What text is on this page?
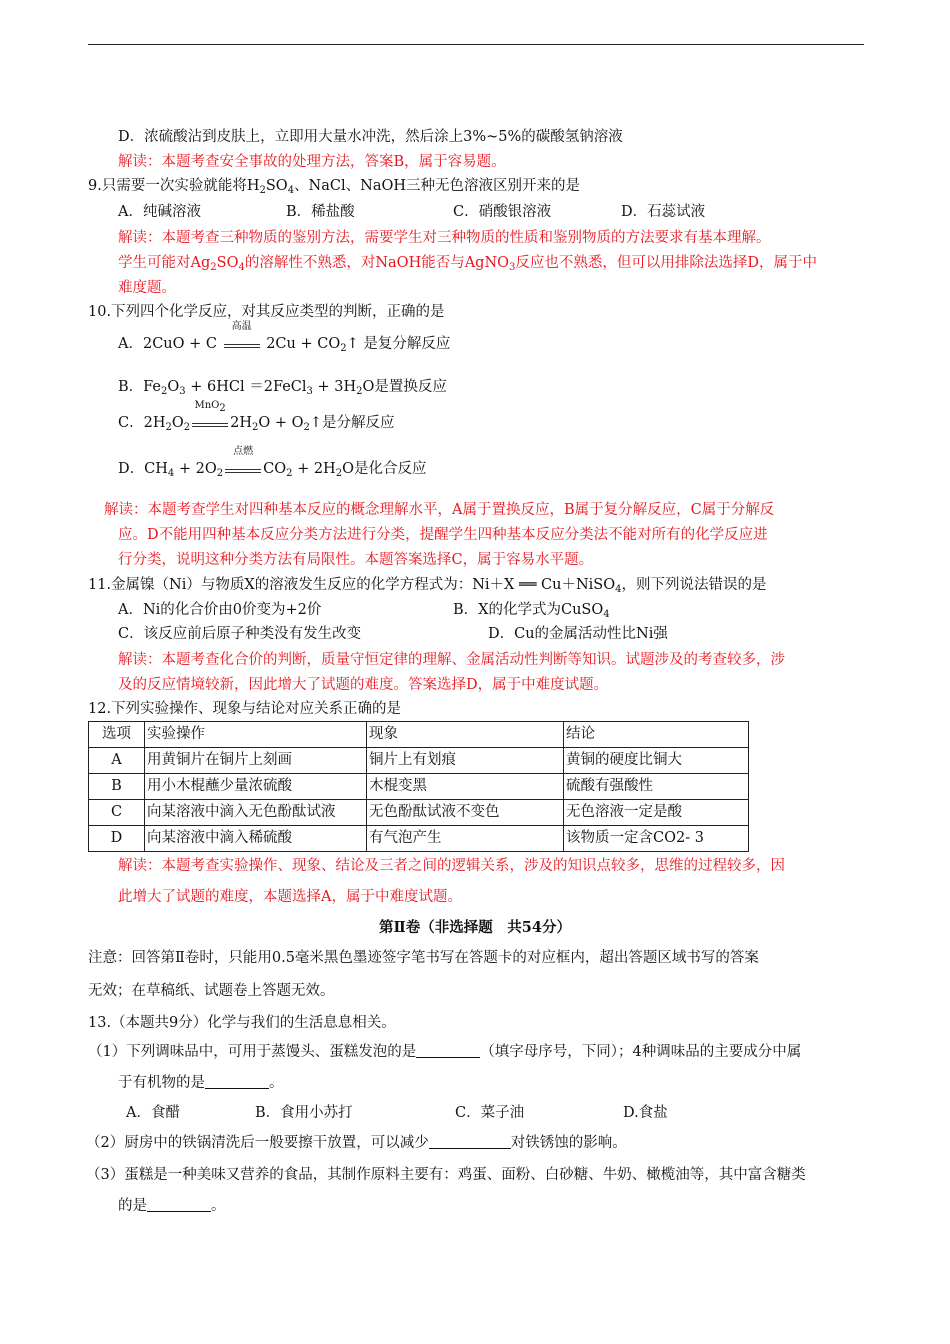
D．浓硫酸沾到皮肤上，立即用大量水冲洗，然后涂上3%~5%的碳酸氢钠溶液
解读：本题考查安全事故的处理方法，答案B，属于容易题。
9.只需要一次实验就能将$H_2SO_4$、NaCl、NaOH三种无色溶液区别开来的是
A．纯碱溶液	B．稀盐酸	C．硝酸银溶液	D．石蕊试液
解读：本题考查三种物质的鉴别方法，需要学生对三种物质的性质和鉴别物质的方法要求有基本理解。
学生可能对$Ag_2SO_4$的溶解性不熟悉，对NaOH能否与AgNO$_3$反应也不熟悉，但可以用排除法选择D，属于中
难度题。
10.下列四个化学反应，对其反应类型的判断，正确的是
A．2CuO + C
高温
$2Cu + CO_2↑$ 是复分解反应
B．$Fe_2O_3 + 6HCl$ ＝2FeCl$_3$ + $3H_2O$是置换反应
C．$2H_2O_2$
MnO$_2$
$2H_2O$ + $O_2↑$是分解反应
D．$CH_4 + 2O_2$
点燃
$CO_2 + 2H_2O$是化合反应
解读：本题考查学生对四种基本反应的概念理解水平，A属于置换反应，B属于复分解反应，C属于分解反
应。D不能用四种基本反应分类方法进行分类，提醒学生四种基本反应分类法不能对所有的化学反应进
行分类，说明这种分类方法有局限性。本题答案选择C，属于容易水平题。
11.金属镍（Ni）与物质X的溶液发生反应的化学方程式为：Ni＋X ══ Cu＋NiSO$_4$，则下列说法错误的是
A．Ni的化合价由0价变为+2价	B．X的化学式为CuSO$_4$
C．该反应前后原子种类没有发生改变	D．Cu的金属活动性比Ni强
解读：本题考查化合价的判断，质量守恒定律的理解、金属活动性判断等知识。试题涉及的考查较多，涉
及的反应情境较新，因此增大了试题的难度。答案选择D，属于中难度试题。
12.下列实验操作、现象与结论对应关系正确的是
选项	实验操作	现象	结论
A	用黄铜片在铜片上刻画	铜片上有划痕	黄铜的硬度比铜大
B	用小木棍蘸少量浓硫酸	木棍变黑	硫酸有强酸性
C	向某溶液中滴入无色酚酞试液	无色酚酞试液不变色	无色溶液一定是酸
D	向某溶液中滴入稀硫酸	有气泡产生	该物质一定含CO2- 3
解读：本题考查实验操作、现象、结论及三者之间的逻辑关系，涉及的知识点较多，思维的过程较多，因
此增大了试题的难度，本题选择A，属于中难度试题。
第Ⅱ卷（非选择题　共54分）
注意：回答第Ⅱ卷时，只能用0.5毫米黑色墨迹签字笔书写在答题卡的对应框内，超出答题区域书写的答案
无效；在草稿纸、试题卷上答题无效。
13.（本题共9分）化学与我们的生活息息相关。
（1）下列调味品中，可用于蒸馒头、蛋糕发泡的是	（填字母序号，下同）；4种调味品的主要成分中属
于有机物的是	。
A．食醋	B．食用小苏打	C．菜子油	D.食盐
（2）厨房中的铁锅清洗后一般要擦干放置，可以减少	对铁锈蚀的影响。
（3）蛋糕是一种美味又营养的食品，其制作原料主要有：鸡蛋、面粉、白砂糖、牛奶、橄榄油等，其中富含糖类
的是	。
